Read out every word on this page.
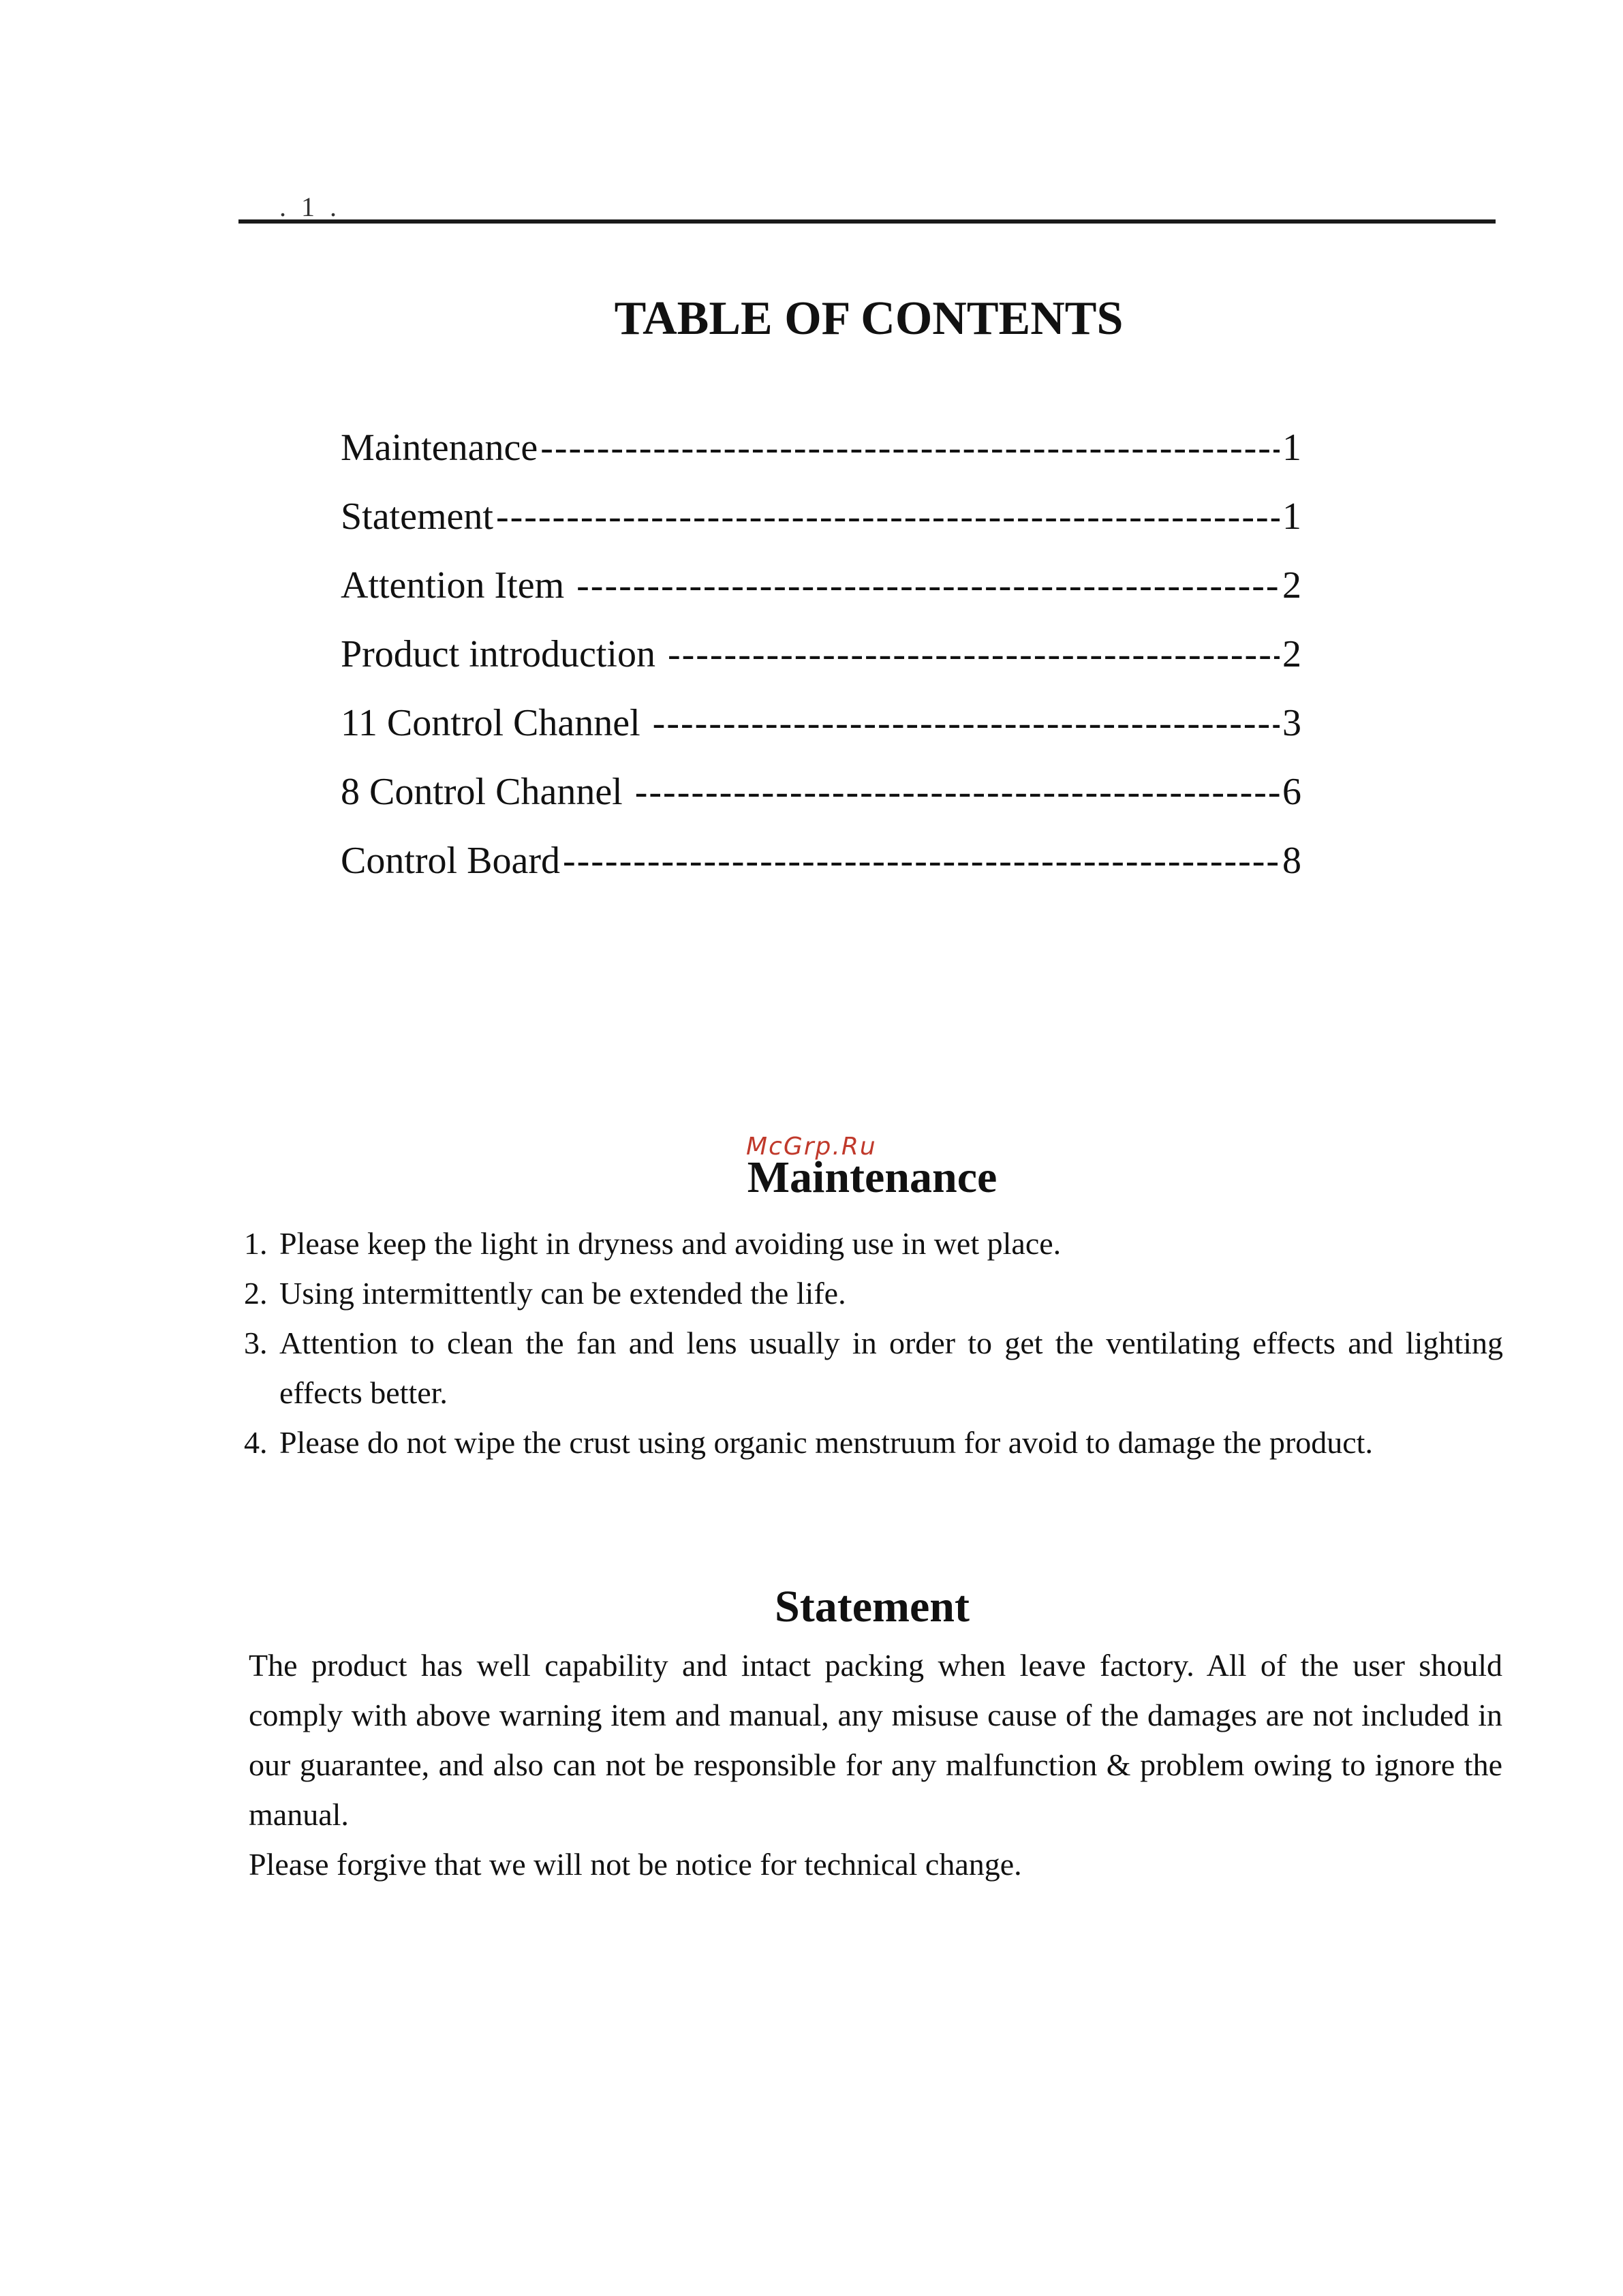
. 1 .
TABLE OF CONTENTS
Maintenance -----	1
Statement -----	1
Attention Item -----	2
Product introduction -----	2
11 Control Channel -----	3
8 Control Channel -----	6
Control Board -----	8
McGrp.Ru
Maintenance
1. Please keep the light in dryness and avoiding use in wet place.
2. Using intermittently can be extended the life.
3. Attention to clean the fan and lens usually in order to get the ventilating effects and lighting effects better.
4. Please do not wipe the crust using organic menstruum for avoid to damage the product.
Statement

The product has well capability and intact packing when leave factory. All of the user should comply with above warning item and manual, any misuse cause of the damages are not included in our guarantee, and also can not be responsible for any malfunction & problem owing to ignore the manual.

Please forgive that we will not be notice for technical change.
